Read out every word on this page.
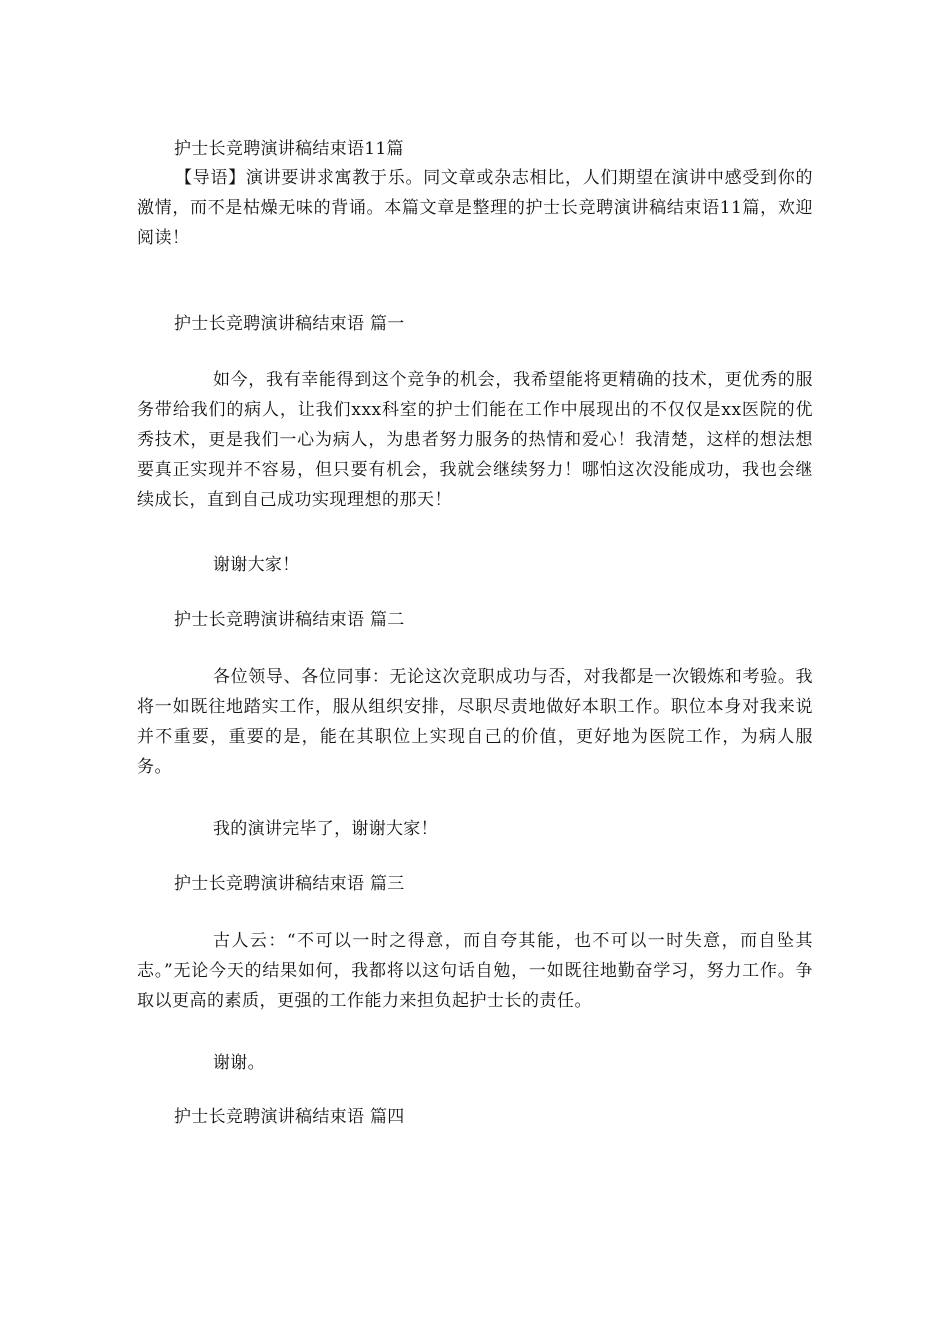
护士长竞聘演讲稿结束语11篇
【导语】演讲要讲求寓教于乐。同文章或杂志相比，人们期望在演讲中感受到你的激情，而不是枯燥无味的背诵。本篇文章是整理的护士长竞聘演讲稿结束语11篇，欢迎阅读！
护士长竞聘演讲稿结束语 篇一
如今，我有幸能得到这个竞争的机会，我希望能将更精确的技术，更优秀的服务带给我们的病人，让我们xxx科室的护士们能在工作中展现出的不仅仅是xx医院的优秀技术，更是我们一心为病人，为患者努力服务的热情和爱心！我清楚，这样的想法想要真正实现并不容易，但只要有机会，我就会继续努力！哪怕这次没能成功，我也会继续成长，直到自己成功实现理想的那天！
谢谢大家！
护士长竞聘演讲稿结束语 篇二
各位领导、各位同事：无论这次竞职成功与否，对我都是一次锻炼和考验。我将一如既往地踏实工作，服从组织安排，尽职尽责地做好本职工作。职位本身对我来说并不重要，重要的是，能在其职位上实现自己的价值，更好地为医院工作，为病人服务。
我的演讲完毕了，谢谢大家！
护士长竞聘演讲稿结束语 篇三
古人云：“不可以一时之得意，而自夸其能，也不可以一时失意，而自坠其志。”无论今天的结果如何，我都将以这句话自勉，一如既往地勤奋学习，努力工作。争取以更高的素质，更强的工作能力来担负起护士长的责任。
谢谢。
护士长竞聘演讲稿结束语 篇四
